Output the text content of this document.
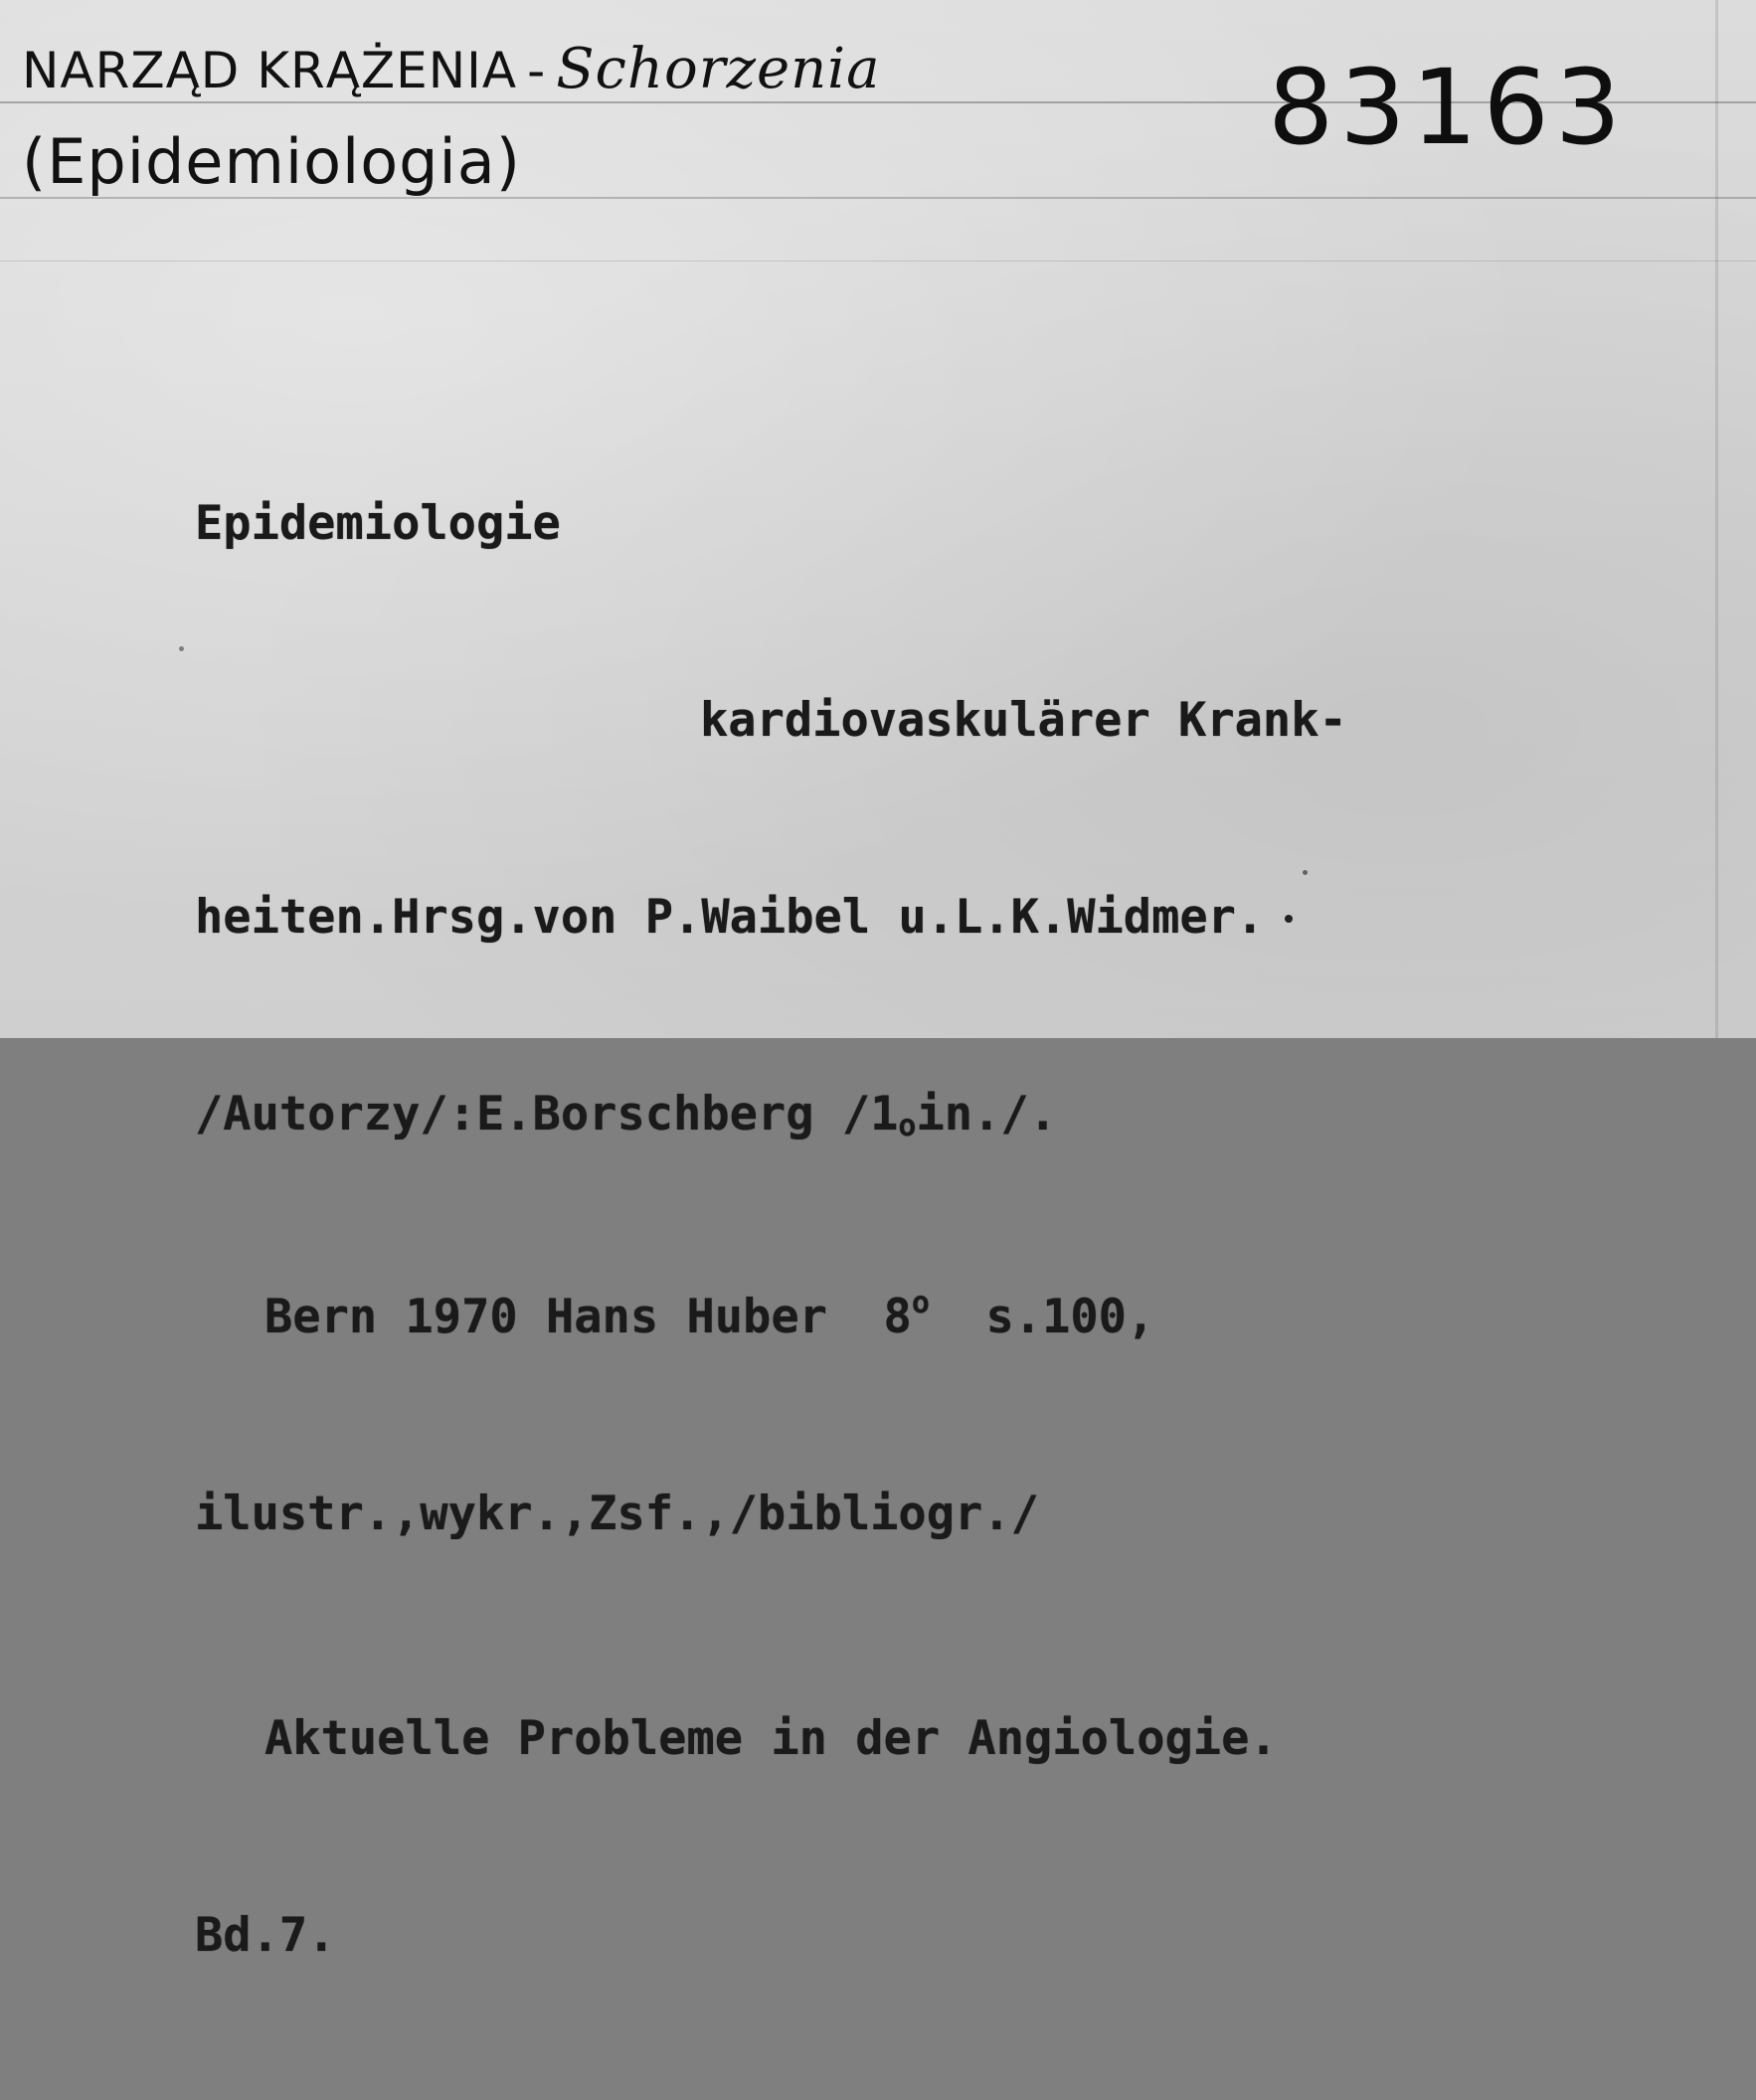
NARZĄD KRĄŻENIA - Schorzenia
(Epidemiologia)	83163

Epidemiologie

kardiovaskulärer Krank-

heiten.Hrsg.von P.Waibel u.L.K.Widmer.

/Autorzy/:E.Borschberg /1oin./.

Bern 1970 Hans Huber  8$^o$  s.100,

ilustr.,wykr.,Zsf.,/bibliogr./

Aktuelle Probleme in der Angiologie.

Bd.7.
